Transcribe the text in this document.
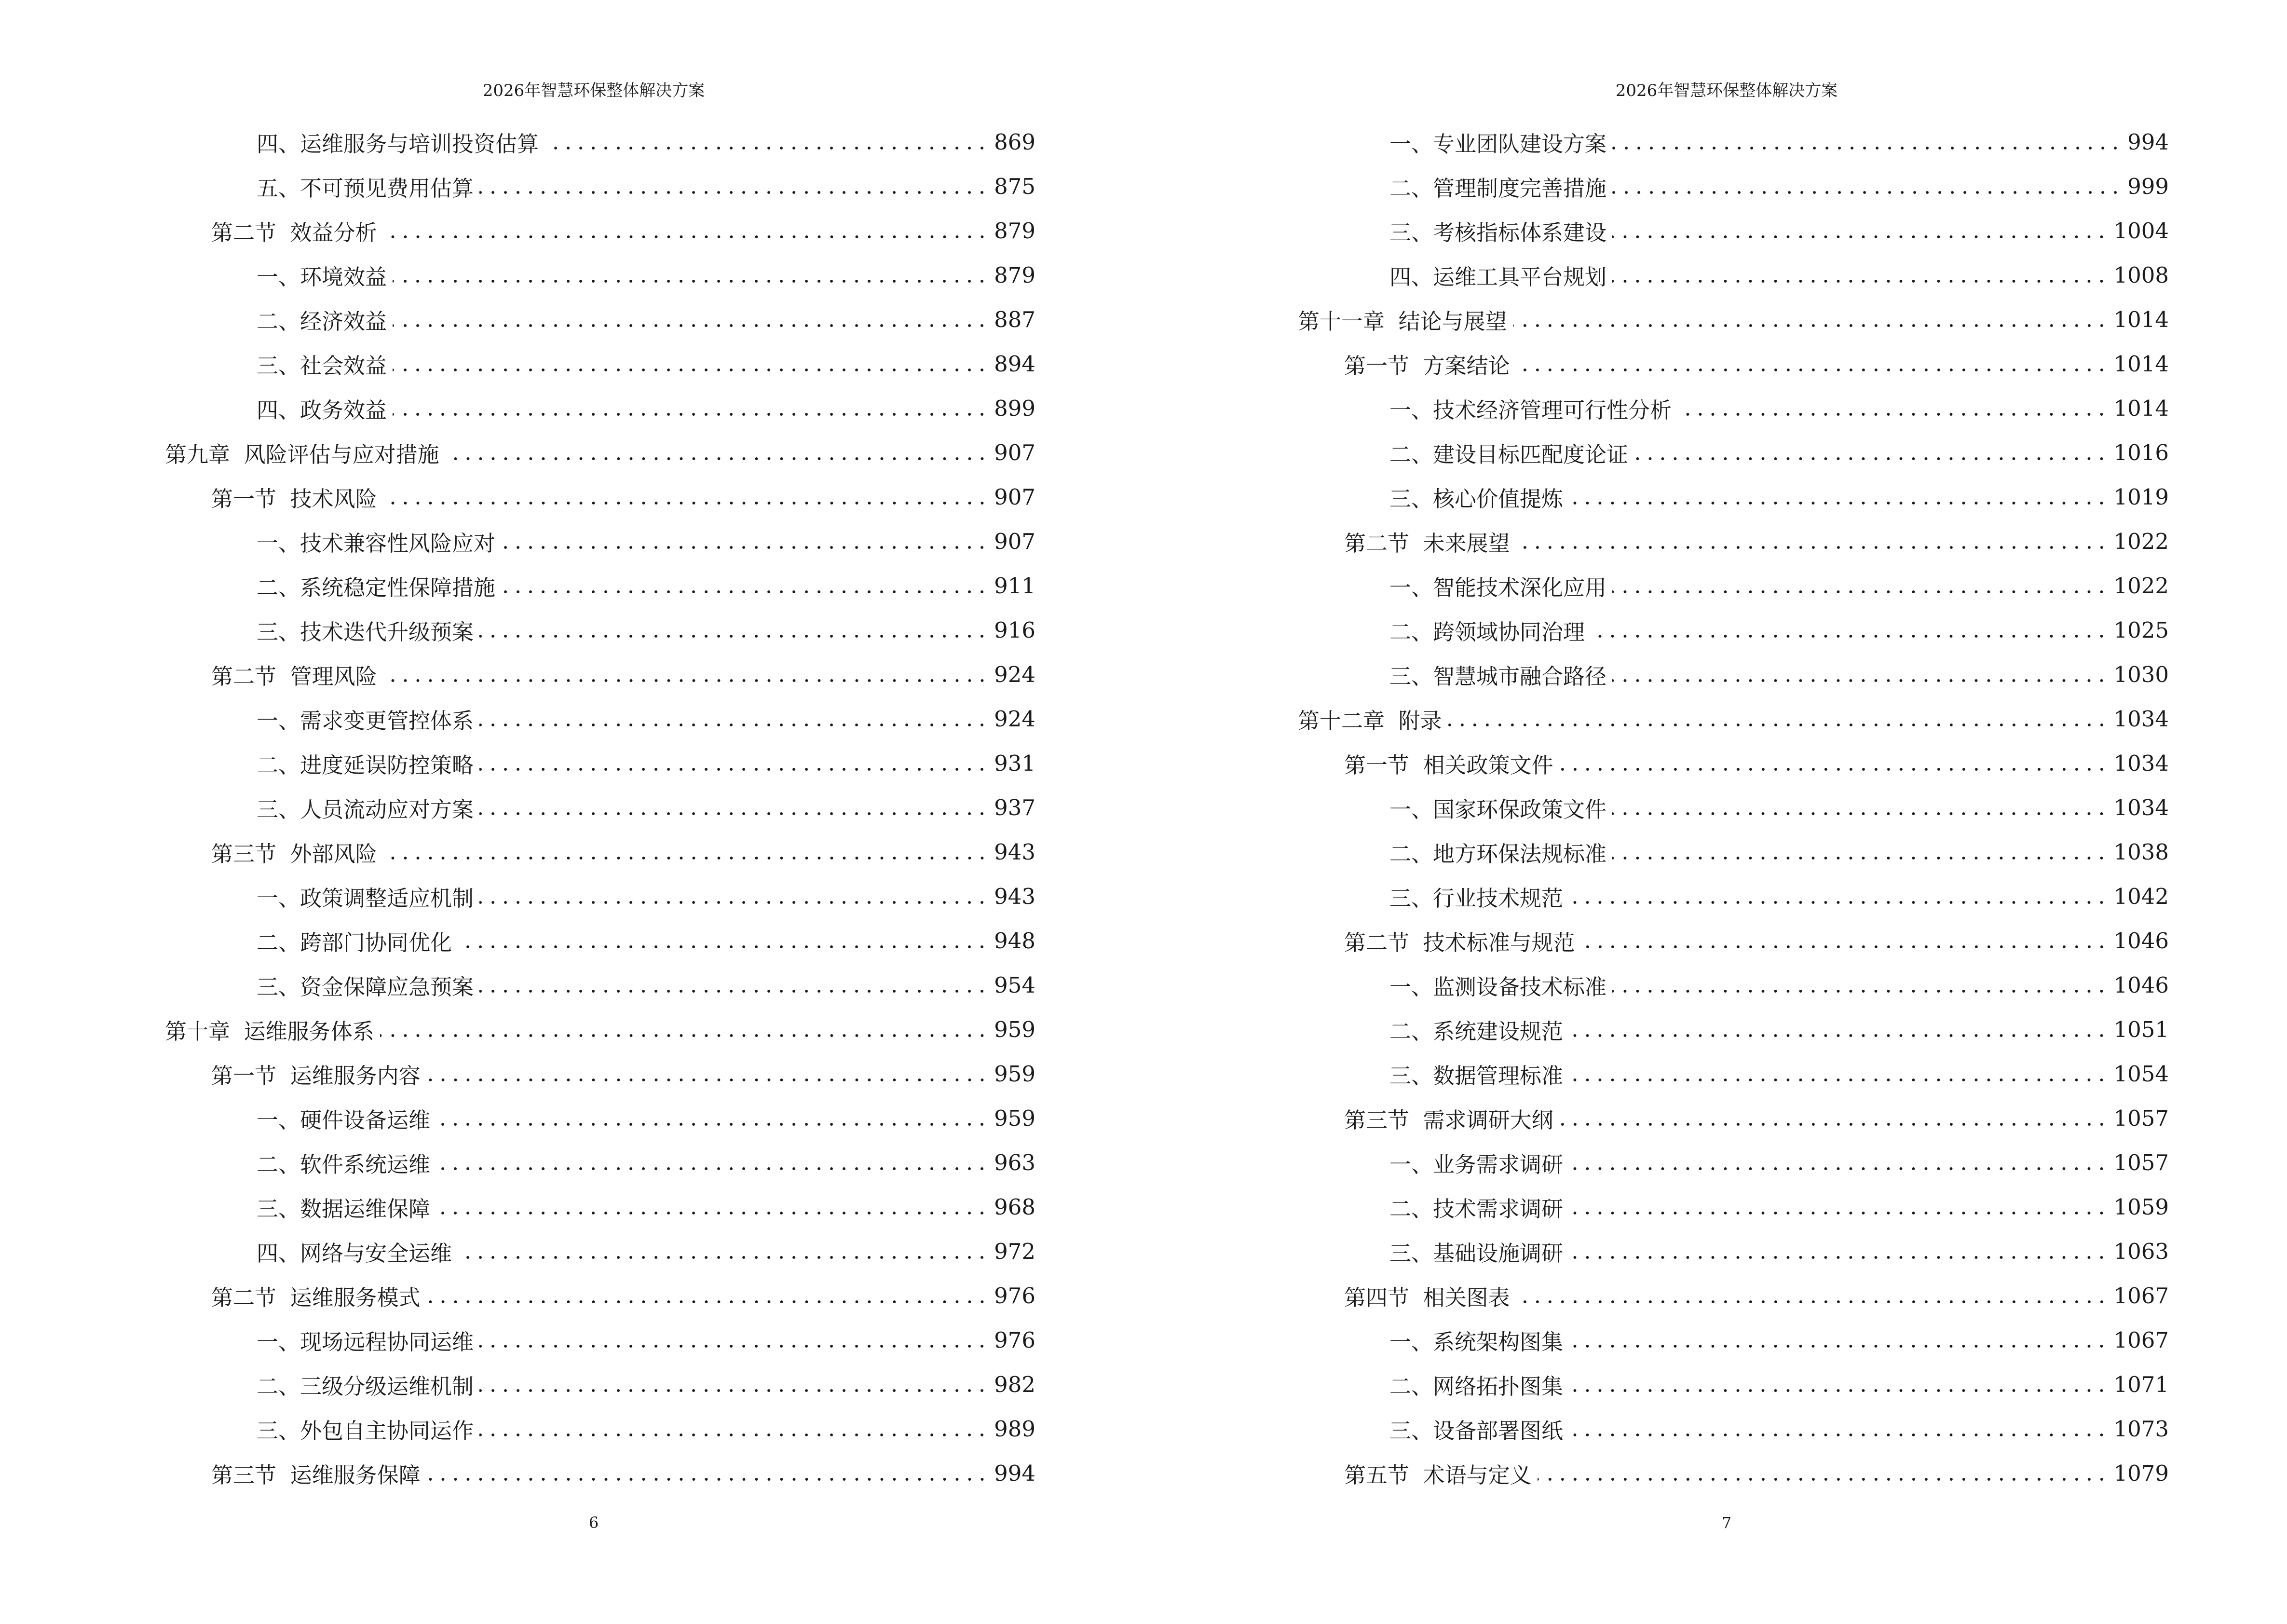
2026年智慧环保整体解决方案
四、运维服务与培训投资估算	869
五、不可预见费用估算	875
第二节  效益分析	879
一、环境效益	879
二、经济效益	887
三、社会效益	894
四、政务效益	899
第九章  风险评估与应对措施	907
第一节  技术风险	907
一、技术兼容性风险应对	907
二、系统稳定性保障措施	911
三、技术迭代升级预案	916
第二节  管理风险	924
一、需求变更管控体系	924
二、进度延误防控策略	931
三、人员流动应对方案	937
第三节  外部风险	943
一、政策调整适应机制	943
二、跨部门协同优化	948
三、资金保障应急预案	954
第十章  运维服务体系	959
第一节  运维服务内容	959
一、硬件设备运维	959
二、软件系统运维	963
三、数据运维保障	968
四、网络与安全运维	972
第二节  运维服务模式	976
一、现场远程协同运维	976
二、三级分级运维机制	982
三、外包自主协同运作	989
第三节  运维服务保障	994
6
2026年智慧环保整体解决方案
一、专业团队建设方案	994
二、管理制度完善措施	999
三、考核指标体系建设	1004
四、运维工具平台规划	1008
第十一章  结论与展望	1014
第一节  方案结论	1014
一、技术经济管理可行性分析	1014
二、建设目标匹配度论证	1016
三、核心价值提炼	1019
第二节  未来展望	1022
一、智能技术深化应用	1022
二、跨领域协同治理	1025
三、智慧城市融合路径	1030
第十二章  附录	1034
第一节  相关政策文件	1034
一、国家环保政策文件	1034
二、地方环保法规标准	1038
三、行业技术规范	1042
第二节  技术标准与规范	1046
一、监测设备技术标准	1046
二、系统建设规范	1051
三、数据管理标准	1054
第三节  需求调研大纲	1057
一、业务需求调研	1057
二、技术需求调研	1059
三、基础设施调研	1063
第四节  相关图表	1067
一、系统架构图集	1067
二、网络拓扑图集	1071
三、设备部署图纸	1073
第五节  术语与定义	1079
7
